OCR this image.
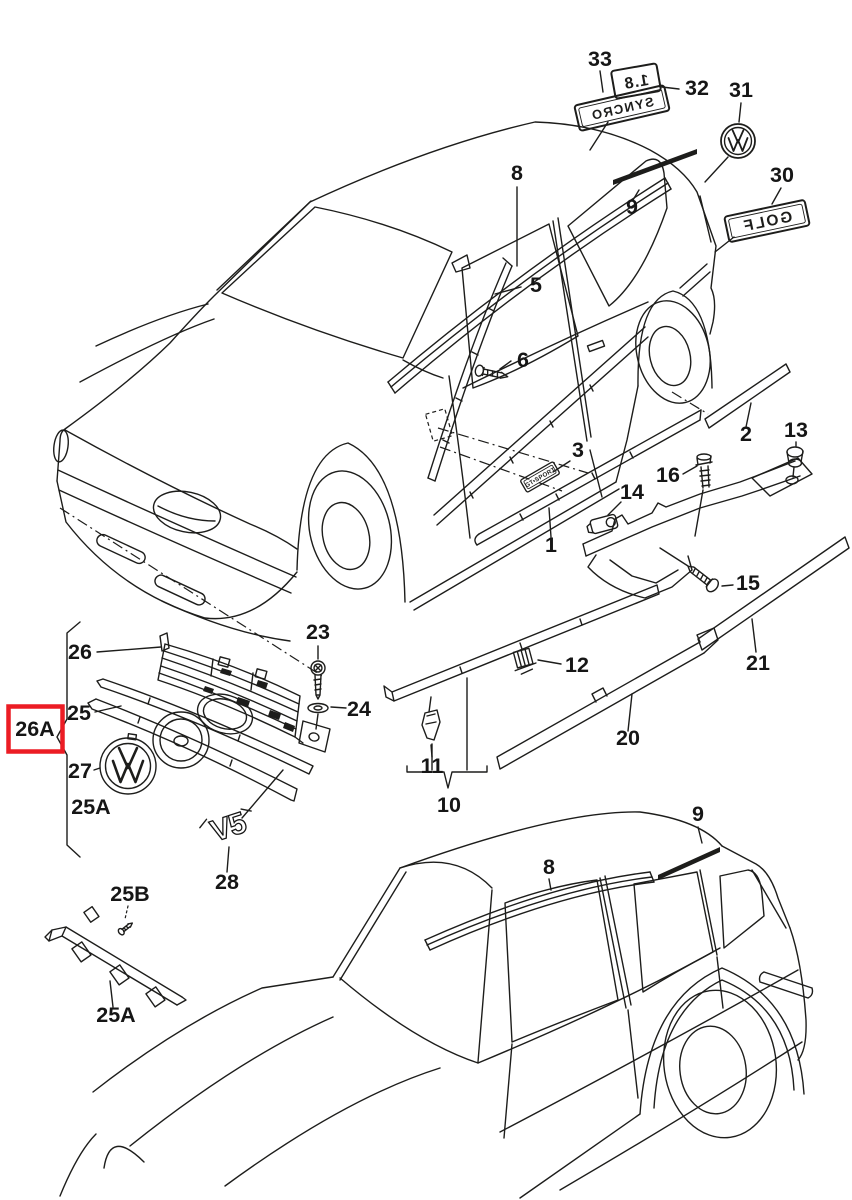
GT SPORT
V5
SYNCRO
1.8
GOLF
33
32 31
30
8
9
5
6
3
2 13
16
14
1
15
12	21
20
11
10
26
23
24
25
26A
27
25A
28
25B
25A
8
9
